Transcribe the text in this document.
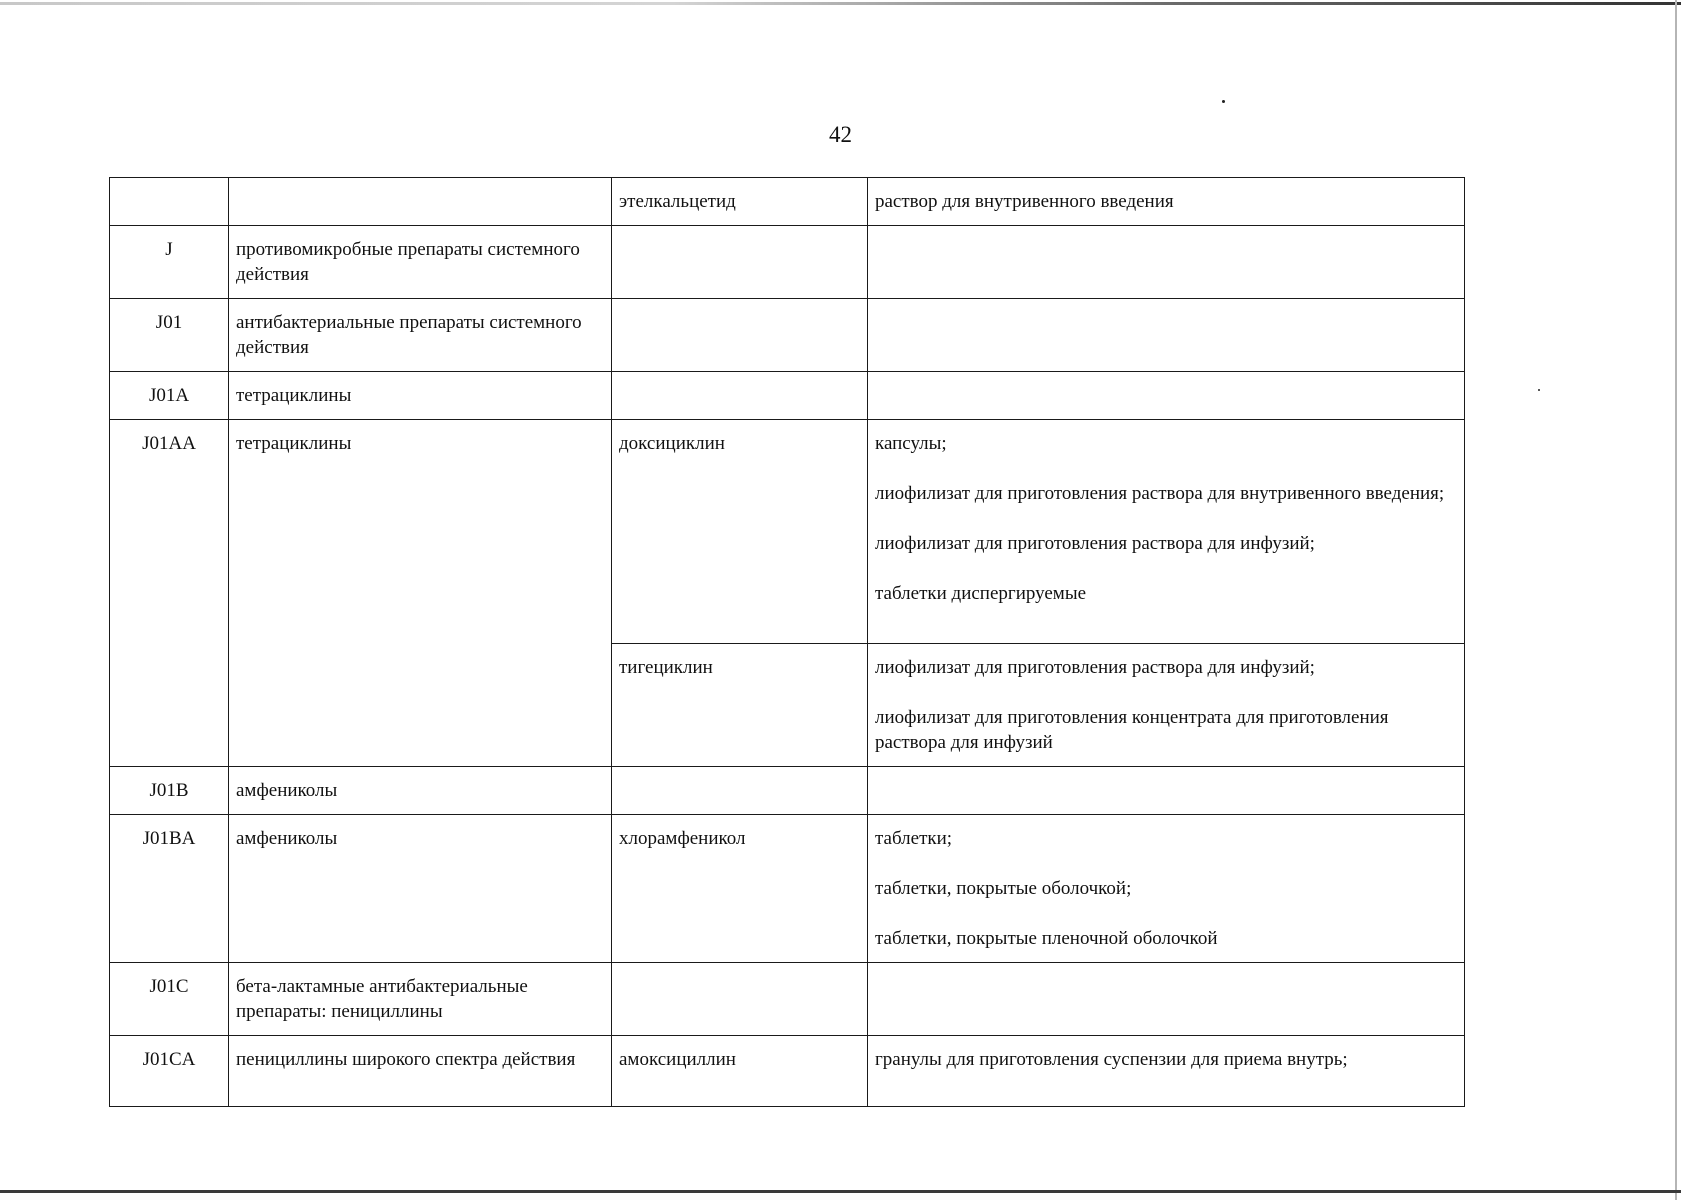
42
		этелкальцетид	раствор для внутривенного введения

J	противомикробные препараты системного действия		
J01	антибактериальные препараты системного действия		
J01A	тетрациклины		
J01AA	тетрациклины	доксициклин	капсулы;
лиофилизат для приготовления раствора для внутривенного введения;
лиофилизат для приготовления раствора для инфузий;
таблетки диспергируемые

		тигециклин	лиофилизат для приготовления раствора для инфузий;
лиофилизат для приготовления концентрата для приготовления раствора для инфузий

J01B	амфениколы		
J01BA	амфениколы	хлорамфеникол	таблетки;
таблетки, покрытые оболочкой;
таблетки, покрытые пленочной оболочкой

J01C	бета-лактамные антибактериальные препараты: пенициллины		
J01CA	пенициллины широкого спектра действия	амоксициллин	гранулы для приготовления суспензии для приема внутрь;
